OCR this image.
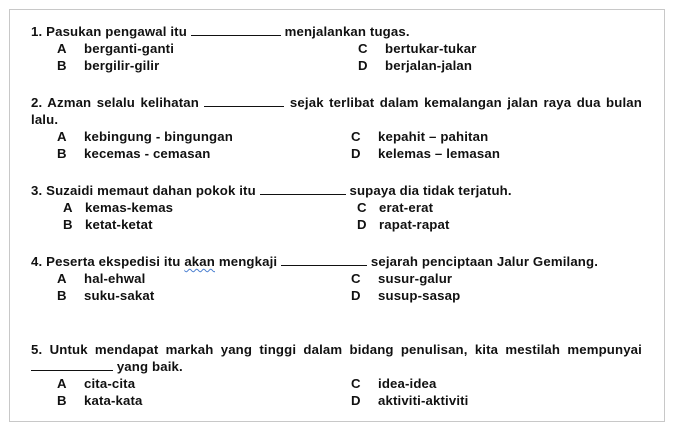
1. Pasukan pengawal itu	menjalankan tugas.
A berganti-ganti	C bertukar-tukar
B bergilir-gilir	D berjalan-jalan
2. Azman selalu kelihatan	sejak terlibat dalam kemalangan jalan raya dua bulan lalu.
A kebingung - bingungan	C kepahit – pahitan
B kecemas - cemasan	D kelemas – lemasan
3. Suzaidi memaut dahan pokok itu	supaya dia tidak terjatuh.
A kemas-kemas	C erat-erat
B ketat-ketat	D rapat-rapat
4. Peserta ekspedisi itu akan mengkaji	sejarah penciptaan Jalur Gemilang.
A hal-ehwal	C susur-galur
B suku-sakat	D susup-sasap
5. Untuk mendapat markah yang tinggi dalam bidang penulisan, kita mestilah mempunyai  yang baik.
A cita-cita	C idea-idea
B kata-kata	D aktiviti-aktiviti
